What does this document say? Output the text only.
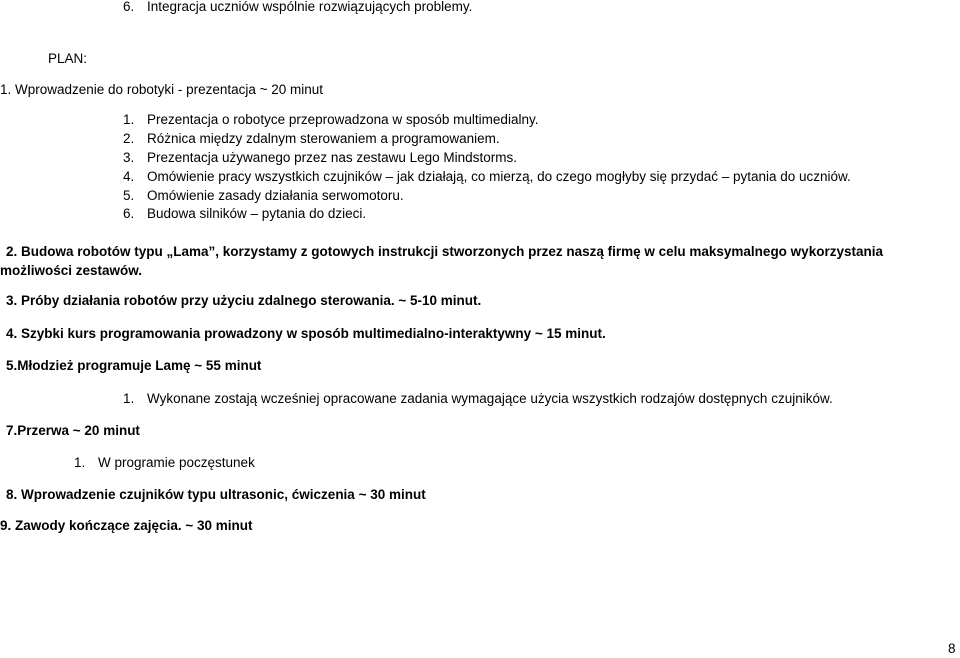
6. Integracja uczniów wspólnie rozwiązujących problemy.
PLAN:
1. Wprowadzenie do robotyki - prezentacja ~ 20 minut
1. Prezentacja o robotyce przeprowadzona w sposób multimedialny.
2. Różnica między zdalnym sterowaniem a programowaniem.
3. Prezentacja używanego przez nas zestawu Lego Mindstorms.
4. Omówienie pracy wszystkich czujników – jak działają, co mierzą, do czego mogłyby się przydać – pytania do uczniów.
5. Omówienie zasady działania serwomotoru.
6. Budowa silników – pytania do dzieci.
2. Budowa robotów typu „Lama”, korzystamy z gotowych instrukcji stworzonych przez naszą firmę w celu maksymalnego wykorzystania możliwości zestawów.
3. Próby działania robotów przy użyciu zdalnego sterowania. ~ 5-10 minut.
4. Szybki kurs programowania prowadzony w sposób multimedialno-interaktywny ~ 15 minut.
5.Młodzież programuje Lamę ~ 55 minut
1. Wykonane zostają wcześniej opracowane zadania wymagające użycia wszystkich rodzajów dostępnych czujników.
7.Przerwa ~ 20 minut
1. W programie poczęstunek
8. Wprowadzenie czujników typu ultrasonic, ćwiczenia ~ 30 minut
9. Zawody kończące zajęcia. ~ 30 minut
8
